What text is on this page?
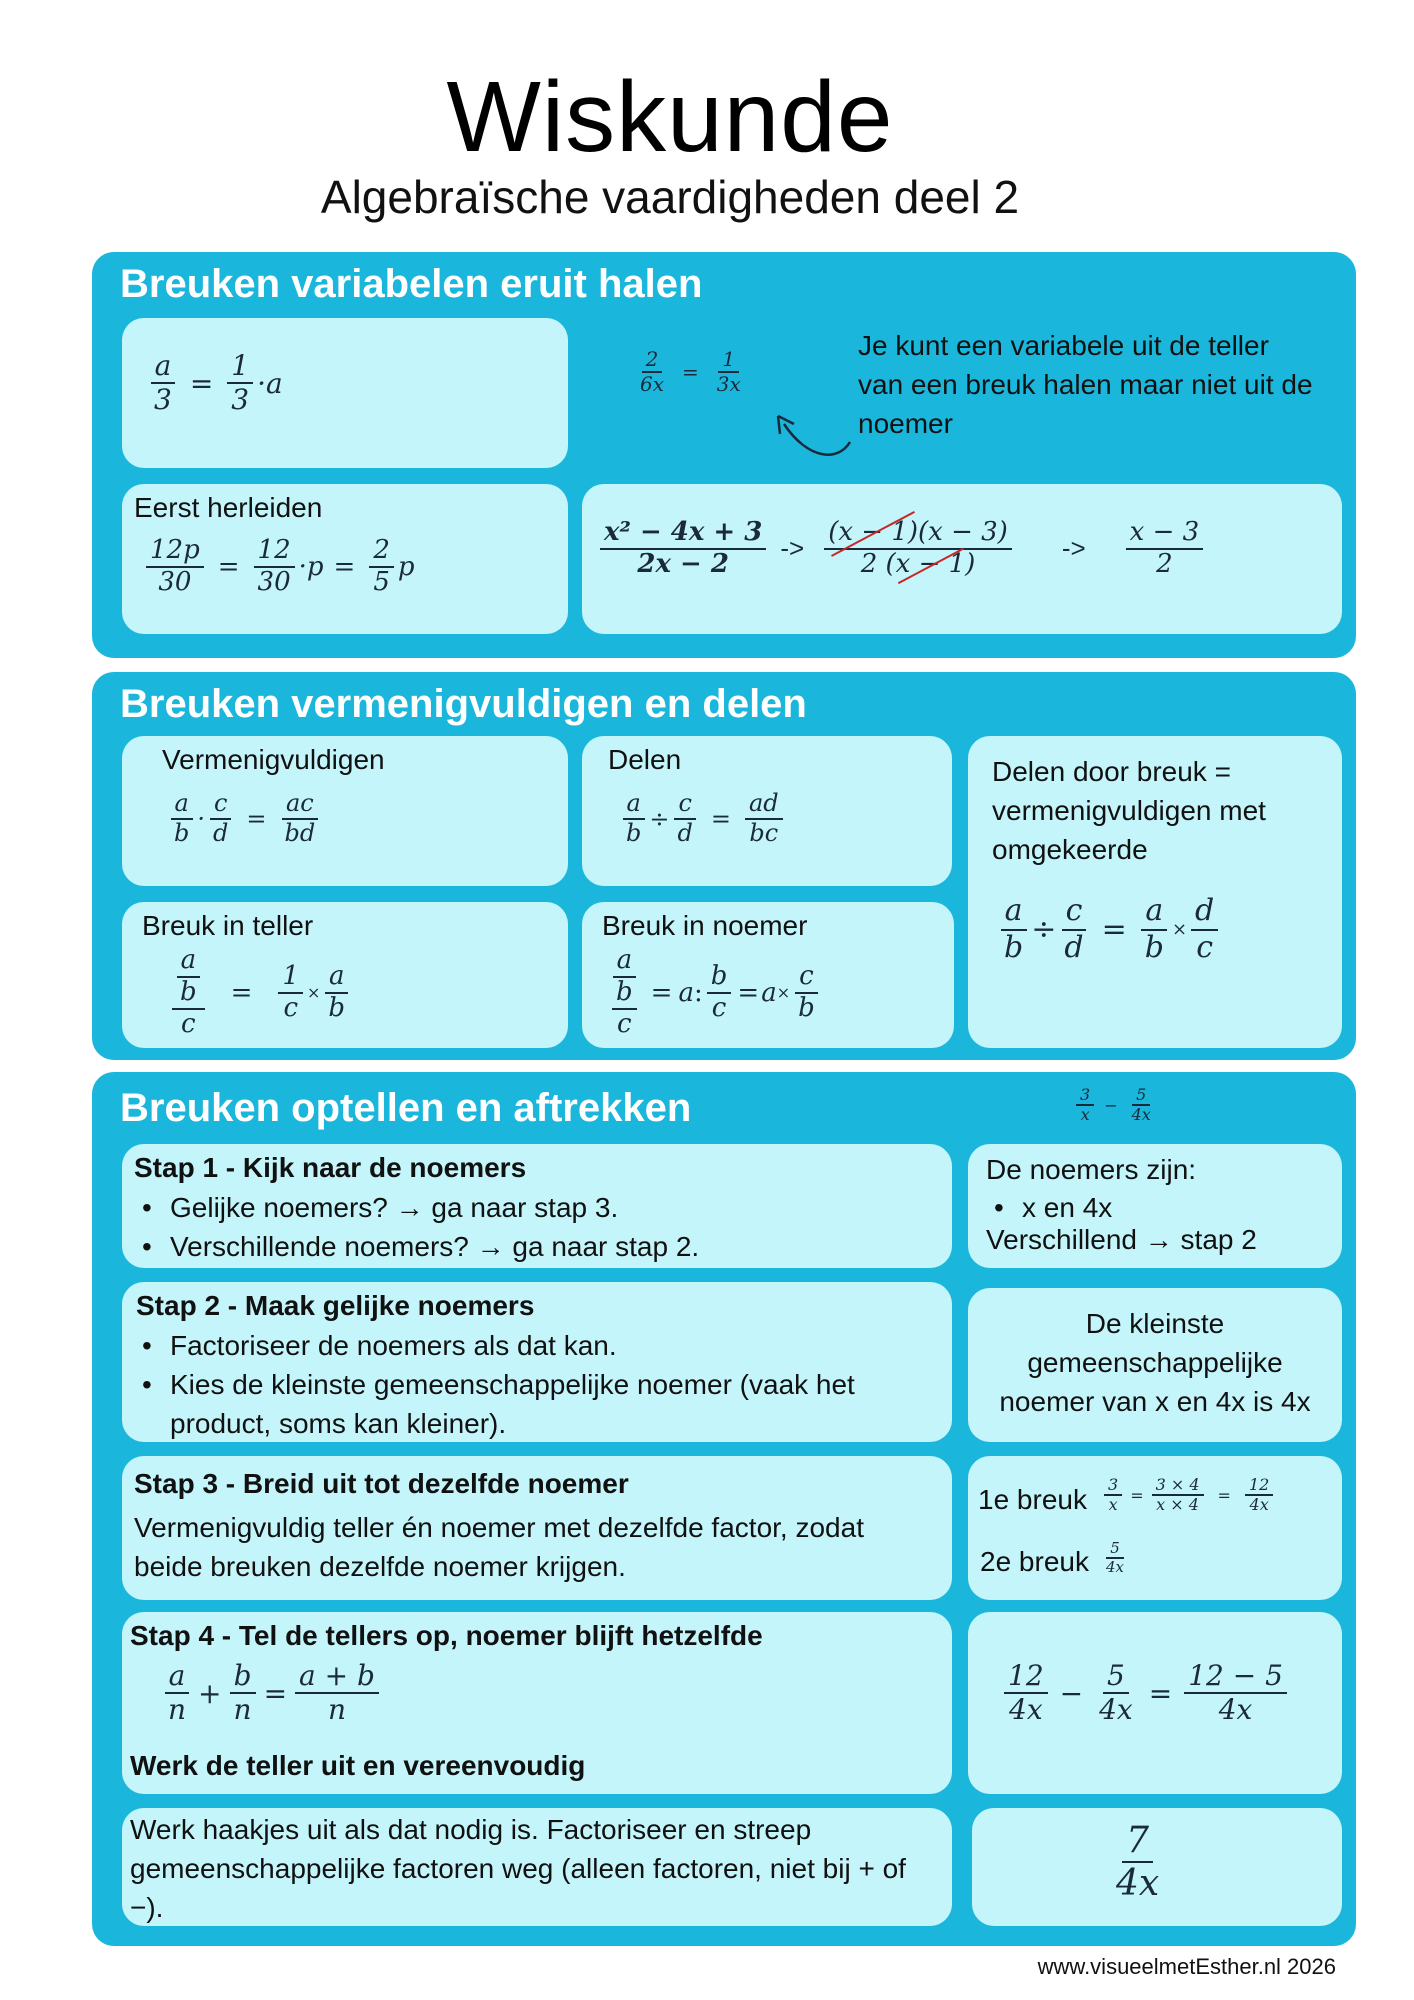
Wiskunde
Algebraïsche vaardigheden deel 2
Breuken variabelen eruit halen
$\frac{a}{3} = \frac{1}{3} \cdot a$	$\frac{2}{6x} = \frac{1}{3x}$
Je kunt een variabele uit de teller van een breuk halen maar niet uit de noemer
Eerst herleiden
$\frac{12p}{30} = \frac{12}{30} \cdot p = \frac{2}{5}$ p	$\frac{\text{x² − 4x + 3}}{2x - 2} -> \frac{(x - 1)(x - 3)}{2 (x - 1)} -> \frac{x - 3}{2}$
Breuken vermenigvuldigen en delen
Vermenigvuldigen
$\frac{a}{b} \cdot \frac{c}{d} = \frac{ac}{bd}$
Delen
$\frac{a}{b} \div \frac{c}{d} = \frac{ad}{bc}$
Delen door breuk = vermenigvuldigen met omgekeerde
$\frac{a}{b} \div \frac{c}{d} = \frac{a}{b} \times \frac{d}{c}$
Breuk in teller
$\frac{\frac{a}{b}}{c} = \frac{1}{c} \times \frac{a}{b}$
Breuk in noemer
$\frac{a}{\frac{b}{c}} = a$ : $\frac{b}{c} = a \times \frac{c}{b}$
Breuken optellen en aftrekken	$\frac{3}{x} - \frac{5}{4x}$
Stap 1 - Kijk naar de noemers
• Gelijke noemers? → ga naar stap 3.
• Verschillende noemers? → ga naar stap 2.
De noemers zijn:
• x en 4x
Verschillend → stap 2
Stap 2 - Maak gelijke noemers
• Factoriseer de noemers als dat kan.
• Kies de kleinste gemeenschappelijke noemer (vaak het product, soms kan kleiner).
De kleinste gemeenschappelijke noemer van x en 4x is 4x
Stap 3 - Breid uit tot dezelfde noemer
Vermenigvuldig teller én noemer met dezelfde factor, zodat beide breuken dezelfde noemer krijgen.
1e breuk $\frac{3}{x} = \frac{3 \times 4}{x \times 4} = \frac{12}{4x}$
2e breuk $\frac{5}{4x}$
Stap 4 - Tel de tellers op, noemer blijft hetzelfde
$\frac{a}{n} + \frac{b}{n} = \frac{a + b}{n}$
Werk de teller uit en vereenvoudig
$\frac{12}{4x} - \frac{5}{4x} = \frac{12 - 5}{4x}$
Werk haakjes uit als dat nodig is. Factoriseer en streep gemeenschappelijke factoren weg (alleen factoren, niet bij + of −).
$\frac{7}{4x}$
www.visueelmetEsther.nl 2026
